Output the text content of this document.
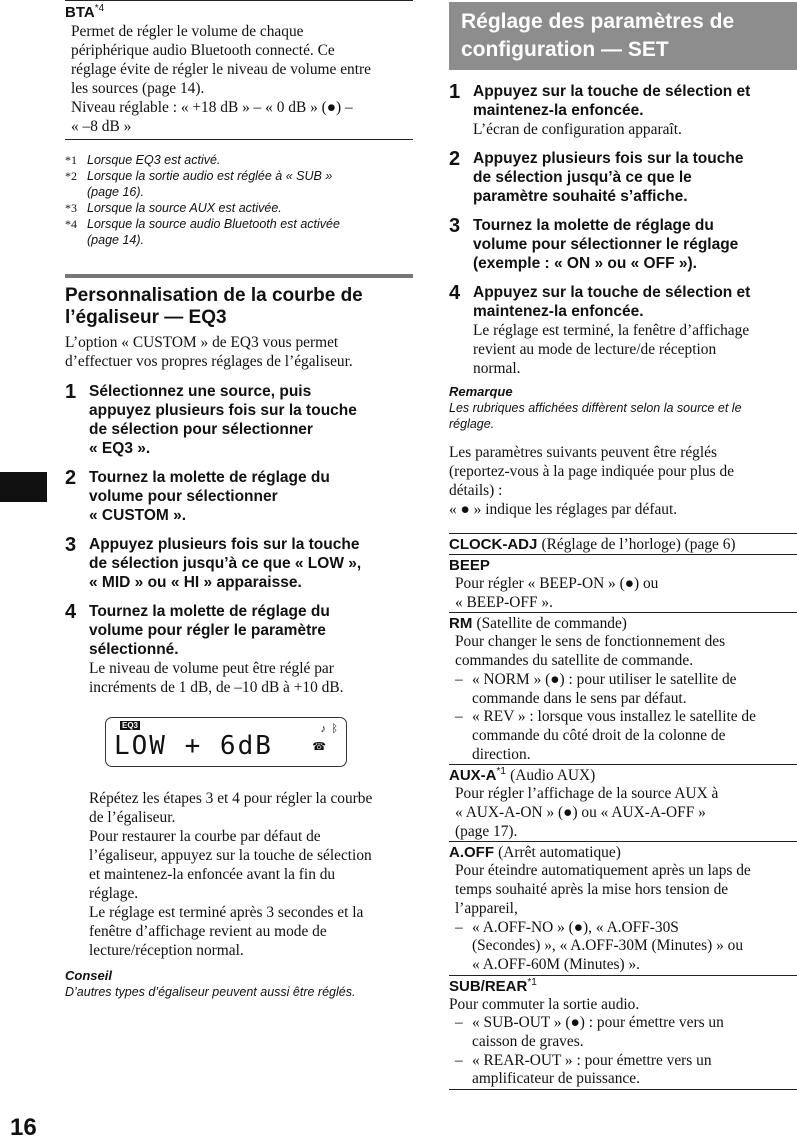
BTA$^{*4}$
Permet de régler le volume de chaque
périphérique audio Bluetooth connecté. Ce
réglage évite de régler le niveau de volume entre
les sources (page 14).
Niveau réglable : « +18 dB » – « 0 dB » (●) –
« –8 dB »
*1 Lorsque EQ3 est activé.
*2 Lorsque la sortie audio est réglée à « SUB »
(page 16).
*3 Lorsque la source AUX est activée.
*4 Lorsque la source audio Bluetooth est activée
(page 14).
Personnalisation de la courbe de
l’égaliseur — EQ3
L’option « CUSTOM » de EQ3 vous permet
d’effectuer vos propres réglages de l’égaliseur.
1 Sélectionnez une source, puis
appuyez plusieurs fois sur la touche
de sélection pour sélectionner
« EQ3 ».
2 Tournez la molette de réglage du
volume pour sélectionner
« CUSTOM ».
3 Appuyez plusieurs fois sur la touche
de sélection jusqu’à ce que « LOW »,
« MID » ou « HI » apparaisse.
4 Tournez la molette de réglage du
volume pour régler le paramètre
sélectionné.
Le niveau de volume peut être réglé par
incréments de 1 dB, de –10 dB à +10 dB.
EQ3
LOW + 6dB
♪ ᛒ
☎
Répétez les étapes 3 et 4 pour régler la courbe
de l’égaliseur.
Pour restaurer la courbe par défaut de
l’égaliseur, appuyez sur la touche de sélection
et maintenez-la enfoncée avant la fin du
réglage.
Le réglage est terminé après 3 secondes et la
fenêtre d’affichage revient au mode de
lecture/réception normal.
Conseil
D’autres types d’égaliseur peuvent aussi être réglés.
Réglage des paramètres de
configuration — SET
1 Appuyez sur la touche de sélection et
maintenez-la enfoncée.
L’écran de configuration apparaît.
2 Appuyez plusieurs fois sur la touche
de sélection jusqu’à ce que le
paramètre souhaité s’affiche.
3 Tournez la molette de réglage du
volume pour sélectionner le réglage
(exemple : « ON » ou « OFF »).
4 Appuyez sur la touche de sélection et
maintenez-la enfoncée.
Le réglage est terminé, la fenêtre d’affichage
revient au mode de lecture/de réception
normal.
Remarque
Les rubriques affichées diffèrent selon la source et le
réglage.
Les paramètres suivants peuvent être réglés
(reportez-vous à la page indiquée pour plus de
détails) :
« ● » indique les réglages par défaut.
CLOCK-ADJ (Réglage de l’horloge) (page 6)
BEEP
Pour régler « BEEP-ON » (●) ou
« BEEP-OFF ».
RM (Satellite de commande)
Pour changer le sens de fonctionnement des
commandes du satellite de commande.
– « NORM » (●) : pour utiliser le satellite de
commande dans le sens par défaut.
– « REV » : lorsque vous installez le satellite de
commande du côté droit de la colonne de
direction.
AUX-A$^{*1}$ (Audio AUX)
Pour régler l’affichage de la source AUX à
« AUX-A-ON » (●) ou « AUX-A-OFF »
(page 17).
A.OFF (Arrêt automatique)
Pour éteindre automatiquement après un laps de
temps souhaité après la mise hors tension de
l’appareil,
– « A.OFF-NO » (●), « A.OFF-30S
(Secondes) », « A.OFF-30M (Minutes) » ou
« A.OFF-60M (Minutes) ».
SUB/REAR$^{*1}$
Pour commuter la sortie audio.
– « SUB-OUT » (●) : pour émettre vers un
caisson de graves.
– « REAR-OUT » : pour émettre vers un
amplificateur de puissance.
16
